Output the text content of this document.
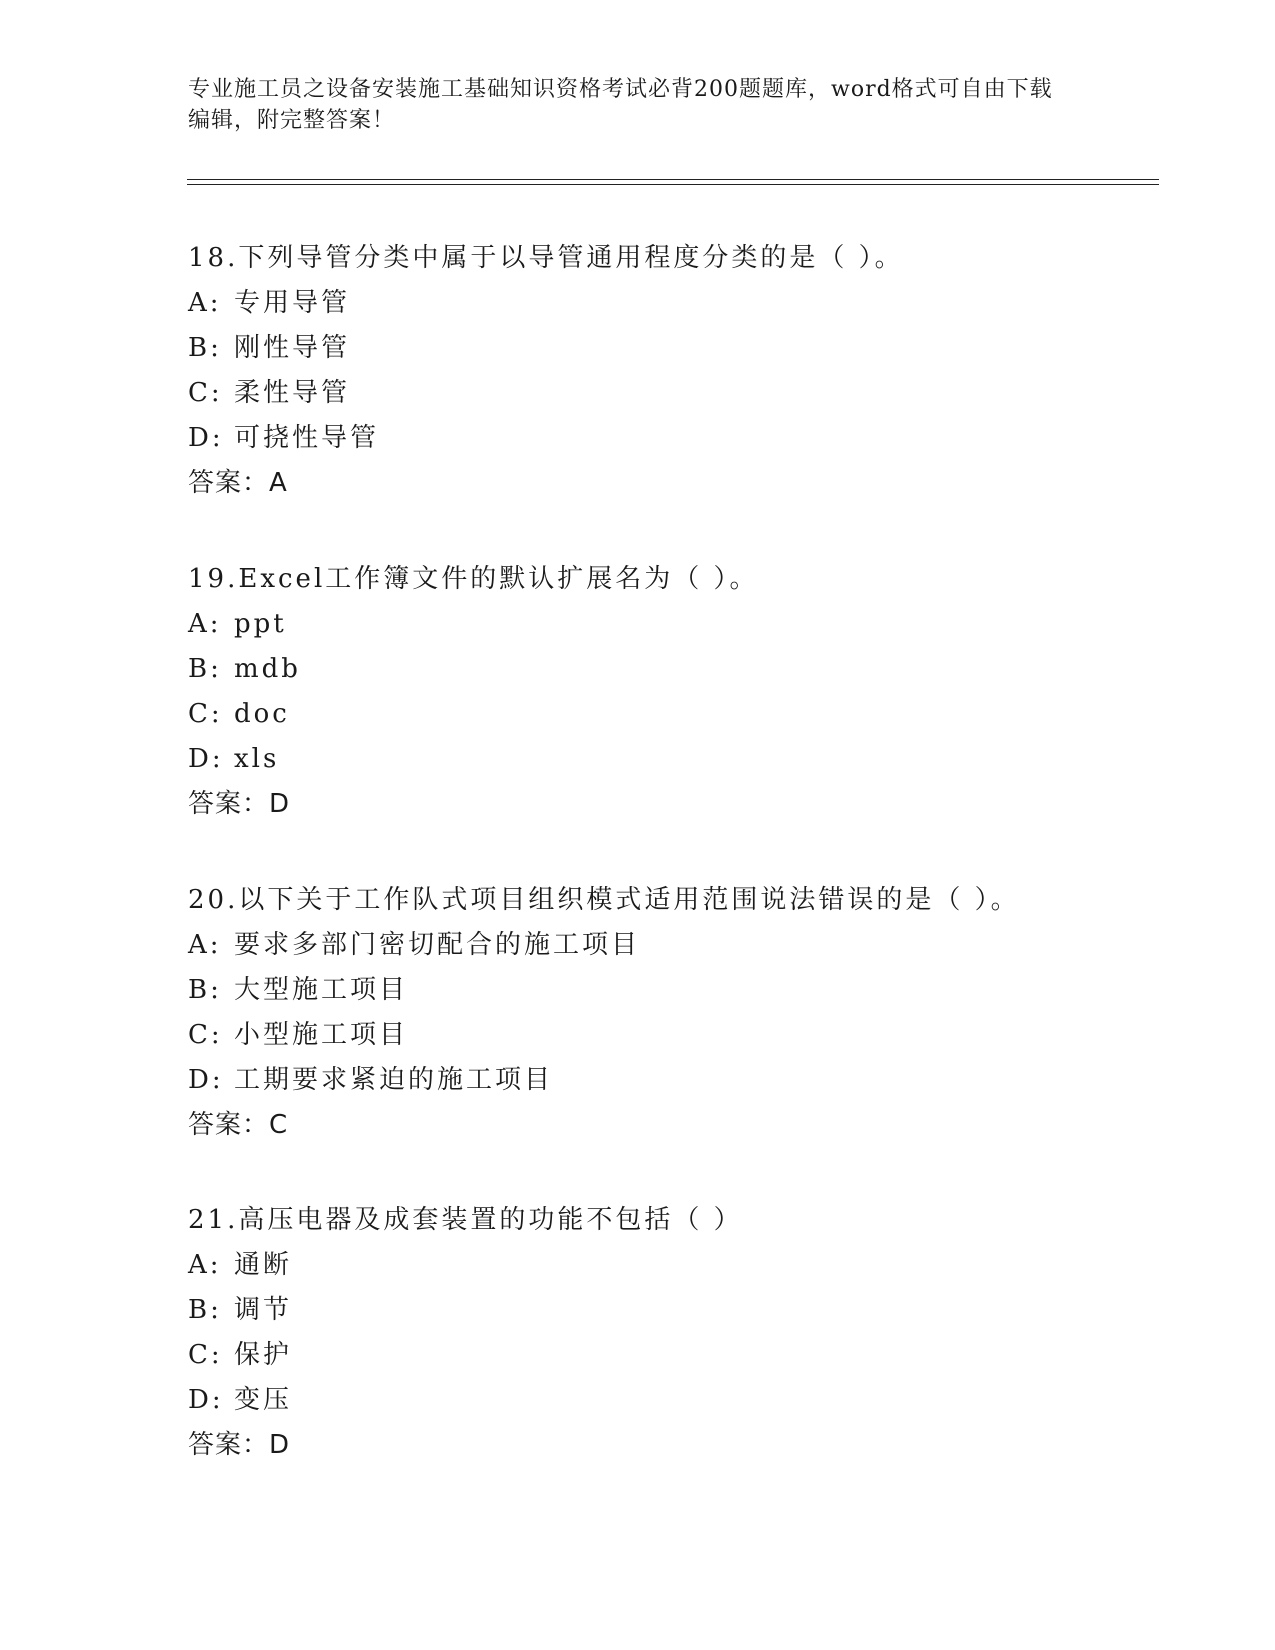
专业施工员之设备安装施工基础知识资格考试必背200题题库，word格式可自由下载编辑，附完整答案！
18.下列导管分类中属于以导管通用程度分类的是（ ）。
A: 专用导管
B: 刚性导管
C: 柔性导管
D: 可挠性导管
答案：A
19.Excel工作簿文件的默认扩展名为（ ）。
A: ppt
B: mdb
C: doc
D: xls
答案：D
20.以下关于工作队式项目组织模式适用范围说法错误的是（ ）。
A: 要求多部门密切配合的施工项目
B: 大型施工项目
C: 小型施工项目
D: 工期要求紧迫的施工项目
答案：C
21.高压电器及成套装置的功能不包括（ ）
A: 通断
B: 调节
C: 保护
D: 变压
答案：D
